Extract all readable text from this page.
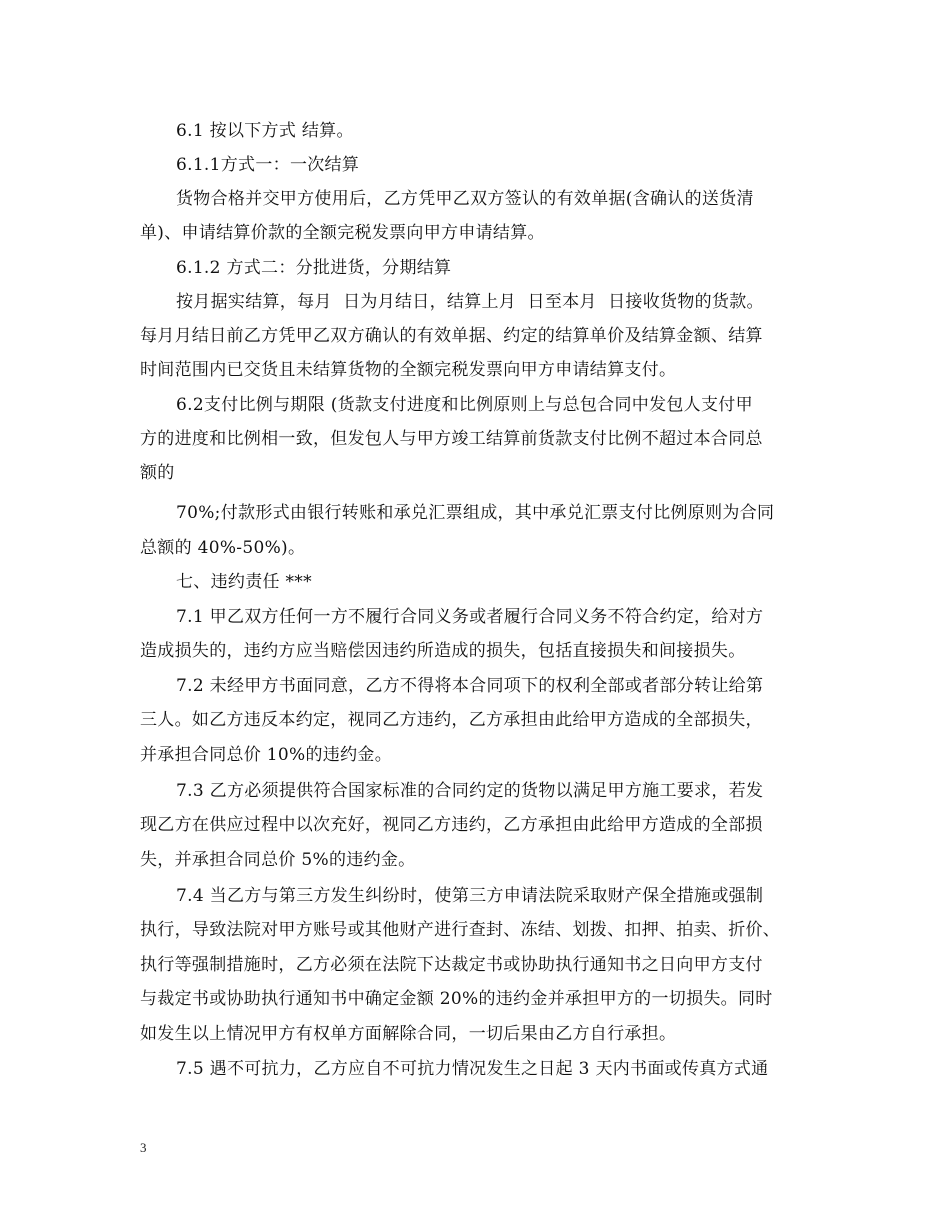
6.1 按以下方式 结算。
6.1.1方式一：一次结算
货物合格并交甲方使用后，乙方凭甲乙双方签认的有效单据(含确认的送货清
单)、申请结算价款的全额完税发票向甲方申请结算。
6.1.2 方式二：分批进货，分期结算
按月据实结算，每月  日为月结日，结算上月  日至本月  日接收货物的货款。
每月月结日前乙方凭甲乙双方确认的有效单据、约定的结算单价及结算金额、结算
时间范围内已交货且未结算货物的全额完税发票向甲方申请结算支付。
6.2支付比例与期限 (货款支付进度和比例原则上与总包合同中发包人支付甲
方的进度和比例相一致，但发包人与甲方竣工结算前货款支付比例不超过本合同总
额的
70%;付款形式由银行转账和承兑汇票组成，其中承兑汇票支付比例原则为合同
总额的 40%-50%)。
七、违约责任 ***
7.1 甲乙双方任何一方不履行合同义务或者履行合同义务不符合约定，给对方
造成损失的，违约方应当赔偿因违约所造成的损失，包括直接损失和间接损失。
7.2 未经甲方书面同意，乙方不得将本合同项下的权利全部或者部分转让给第
三人。如乙方违反本约定，视同乙方违约，乙方承担由此给甲方造成的全部损失，
并承担合同总价 10%的违约金。
7.3 乙方必须提供符合国家标准的合同约定的货物以满足甲方施工要求，若发
现乙方在供应过程中以次充好，视同乙方违约，乙方承担由此给甲方造成的全部损
失，并承担合同总价 5%的违约金。
7.4 当乙方与第三方发生纠纷时，使第三方申请法院采取财产保全措施或强制
执行，导致法院对甲方账号或其他财产进行查封、冻结、划拨、扣押、拍卖、折价、
执行等强制措施时，乙方必须在法院下达裁定书或协助执行通知书之日向甲方支付
与裁定书或协助执行通知书中确定金额 20%的违约金并承担甲方的一切损失。同时
如发生以上情况甲方有权单方面解除合同，一切后果由乙方自行承担。
7.5 遇不可抗力，乙方应自不可抗力情况发生之日起 3 天内书面或传真方式通
3
